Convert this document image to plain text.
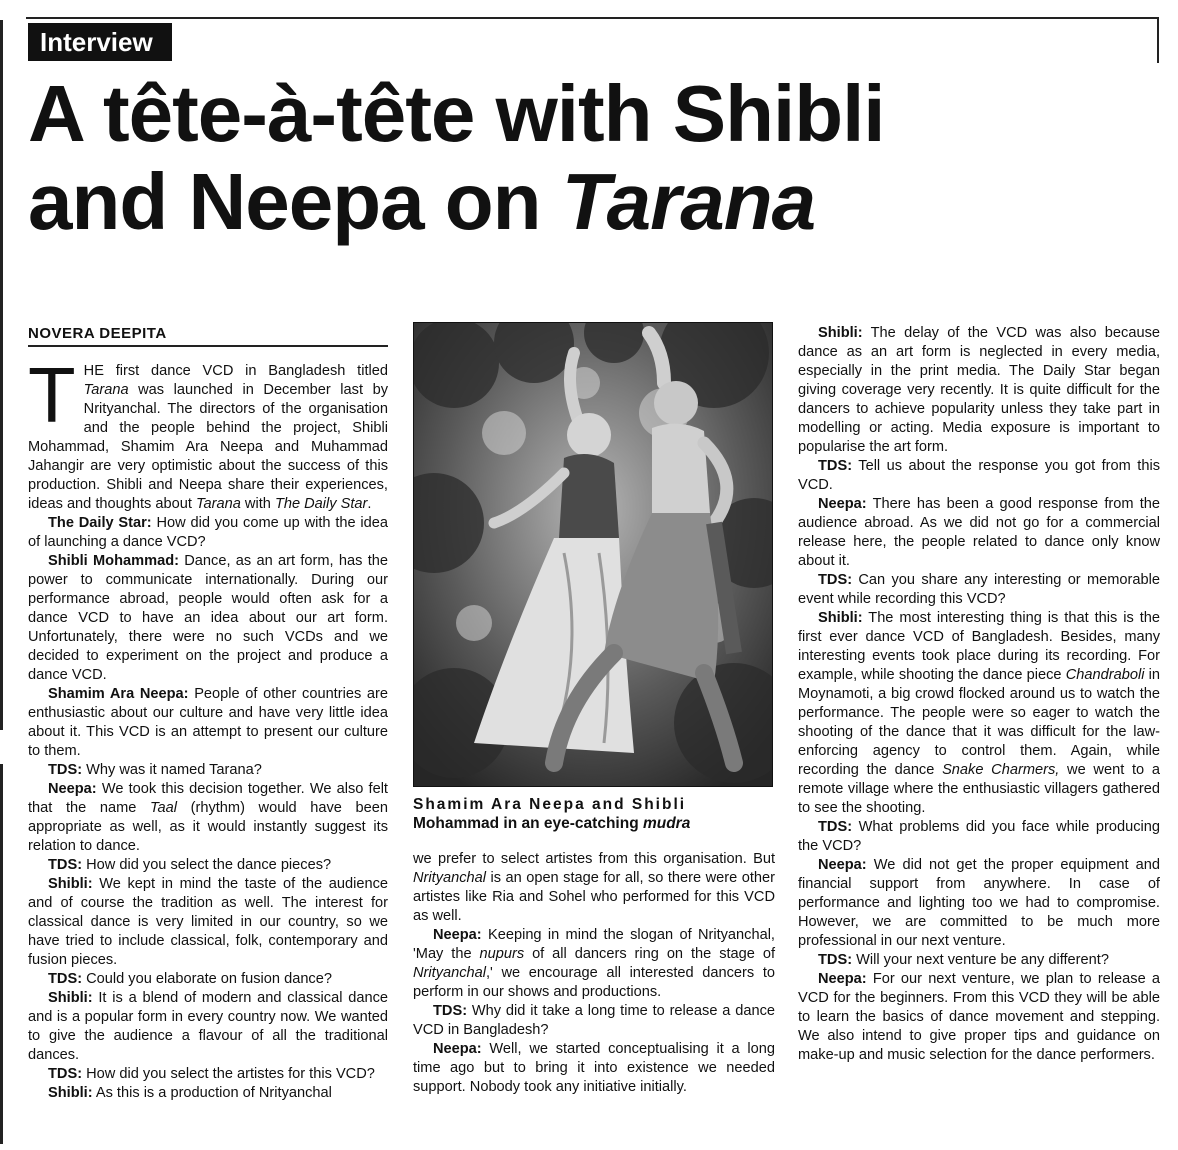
Interview
A tête-à-tête with Shibli
and Neepa on Tarana
NOVERA DEEPITA

THE first dance VCD in Bangladesh titled Tarana was launched in December last by Nrityanchal. The directors of the organisation and the people behind the project, Shibli Mohammad, Shamim Ara Neepa and Muhammad Jahangir are very optimistic about the success of this production. Shibli and Neepa share their experiences, ideas and thoughts about Tarana with The Daily Star.

The Daily Star: How did you come up with the idea of launching a dance VCD?

Shibli Mohammad: Dance, as an art form, has the power to communicate internationally. During our performance abroad, people would often ask for a dance VCD to have an idea about our art form. Unfortunately, there were no such VCDs and we decided to experiment on the project and produce a dance VCD.

Shamim Ara Neepa: People of other countries are enthusiastic about our culture and have very little idea about it. This VCD is an attempt to present our culture to them.

TDS: Why was it named Tarana?

Neepa: We took this decision together. We also felt that the name Taal (rhythm) would have been appropriate as well, as it would instantly suggest its relation to dance.

TDS: How did you select the dance pieces?

Shibli: We kept in mind the taste of the audience and of course the tradition as well. The interest for classical dance is very limited in our country, so we have tried to include classical, folk, contemporary and fusion pieces.

TDS: Could you elaborate on fusion dance?

Shibli: It is a blend of modern and classical dance and is a popular form in every country now. We wanted to give the audience a flavour of all the traditional dances.

TDS: How did you select the artistes for this VCD?

Shibli: As this is a production of Nrityanchal

Shamim Ara Neepa and Shibli
Mohammad in an eye-catching mudra

we prefer to select artistes from this organisation. But Nrityanchal is an open stage for all, so there were other artistes like Ria and Sohel who performed for this VCD as well.

Neepa: Keeping in mind the slogan of Nrityanchal, 'May the nupurs of all dancers ring on the stage of Nrityanchal,' we encourage all interested dancers to perform in our shows and productions.

TDS: Why did it take a long time to release a dance VCD in Bangladesh?

Neepa: Well, we started conceptualising it a long time ago but to bring it into existence we needed support. Nobody took any initiative initially.

Shibli: The delay of the VCD was also because dance as an art form is neglected in every media, especially in the print media. The Daily Star began giving coverage very recently. It is quite difficult for the dancers to achieve popularity unless they take part in modelling or acting. Media exposure is important to popularise the art form.

TDS: Tell us about the response you got from this VCD.

Neepa: There has been a good response from the audience abroad. As we did not go for a commercial release here, the people related to dance only know about it.

TDS: Can you share any interesting or memorable event while recording this VCD?

Shibli: The most interesting thing is that this is the first ever dance VCD of Bangladesh. Besides, many interesting events took place during its recording. For example, while shooting the dance piece Chandraboli in Moynamoti, a big crowd flocked around us to watch the performance. The people were so eager to watch the shooting of the dance that it was difficult for the law-enforcing agency to control them. Again, while recording the dance Snake Charmers, we went to a remote village where the enthusiastic villagers gathered to see the shooting.

TDS: What problems did you face while producing the VCD?

Neepa: We did not get the proper equipment and financial support from anywhere. In case of performance and lighting too we had to compromise. However, we are committed to be much more professional in our next venture.

TDS: Will your next venture be any different?

Neepa: For our next venture, we plan to release a VCD for the beginners. From this VCD they will be able to learn the basics of dance movement and stepping. We also intend to give proper tips and guidance on make-up and music selection for the dance performers.
